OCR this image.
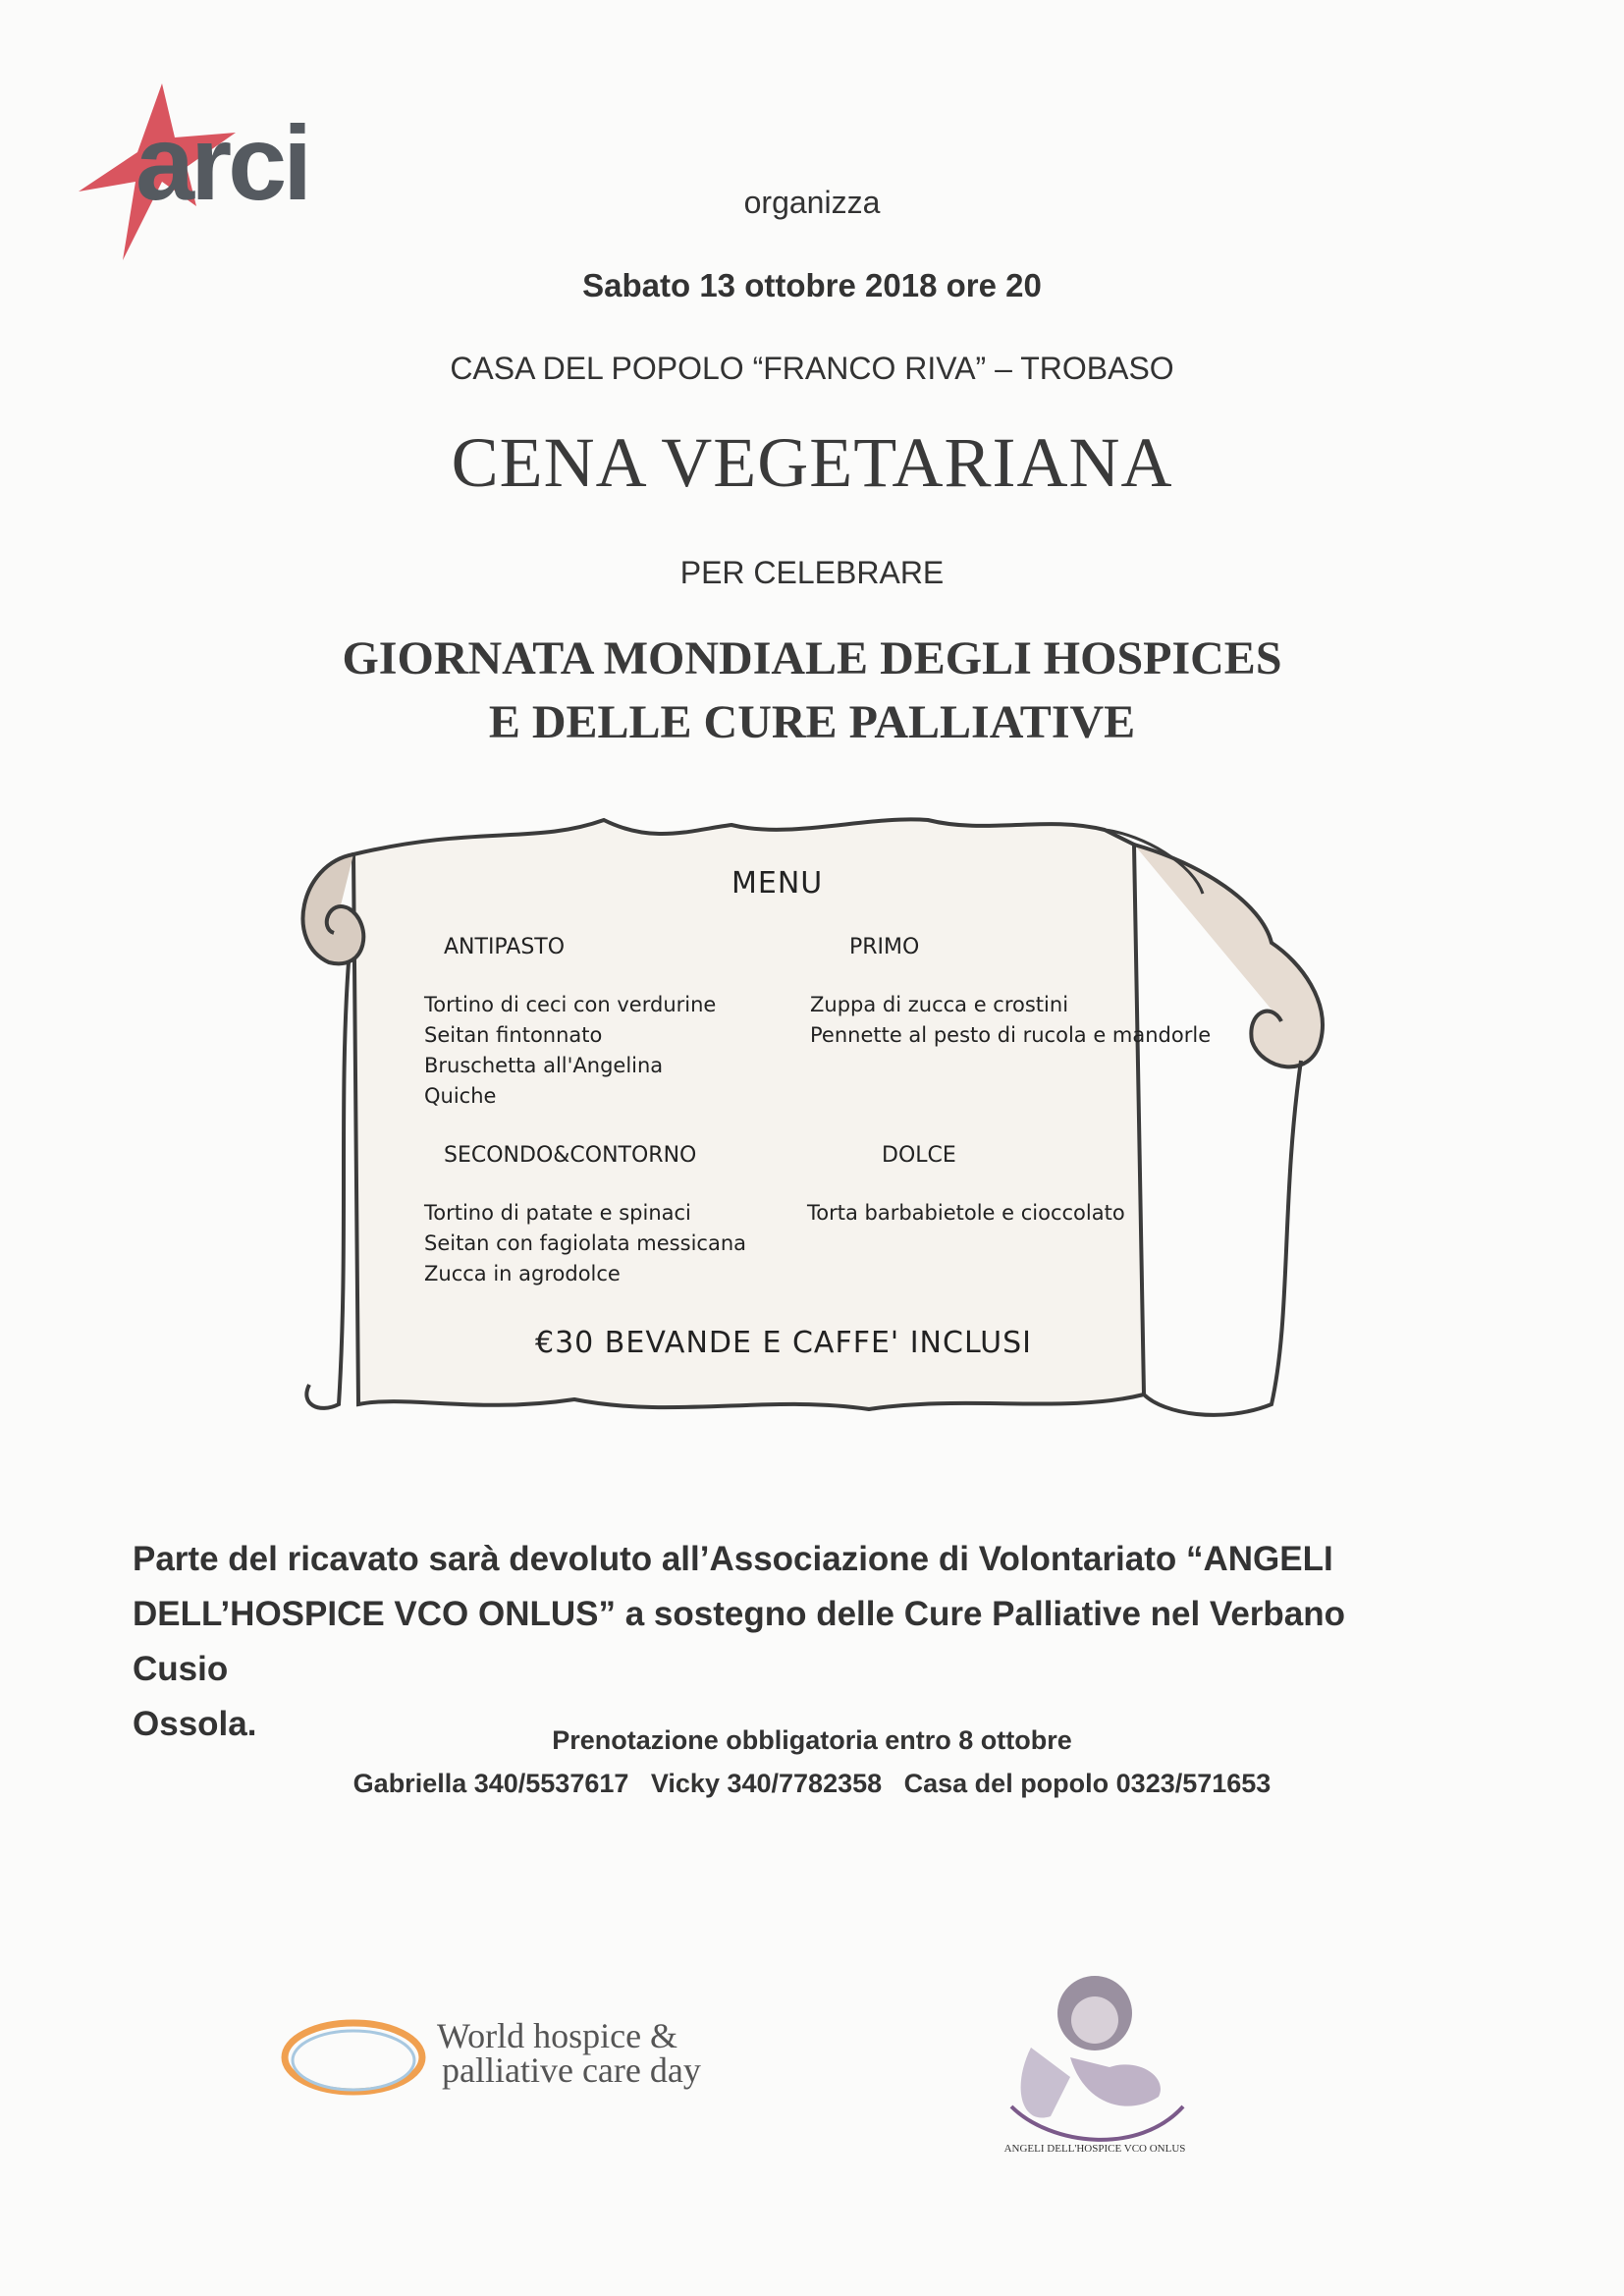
arci	organizza
Sabato 13 ottobre 2018 ore 20
CASA DEL POPOLO “FRANCO RIVA” – TROBASO
CENA VEGETARIANA
PER CELEBRARE
GIORNATA MONDIALE DEGLI HOSPICES
E DELLE CURE PALLIATIVE
MENU
ANTIPASTO
Tortino di ceci con verdurine
Seitan fintonnato
Bruschetta all'Angelina
Quiche
PRIMO
Zuppa di zucca e crostini
Pennette al pesto di rucola e mandorle
SECONDO&CONTORNO
Tortino di patate e spinaci
Seitan con fagiolata messicana
Zucca in agrodolce
DOLCE
Torta barbabietole e cioccolato
€30 BEVANDE E CAFFE' INCLUSI
Parte del ricavato sarà devoluto all’Associazione di Volontariato “ANGELI
DELL’HOSPICE VCO ONLUS” a sostegno delle Cure Palliative nel Verbano Cusio
Ossola.	Prenotazione obbligatoria entro 8 ottobre
Gabriella 340/5537617   Vicky 340/7782358   Casa del popolo 0323/571653
World hospice &
palliative care day
ANGELI DELL'HOSPICE VCO ONLUS
